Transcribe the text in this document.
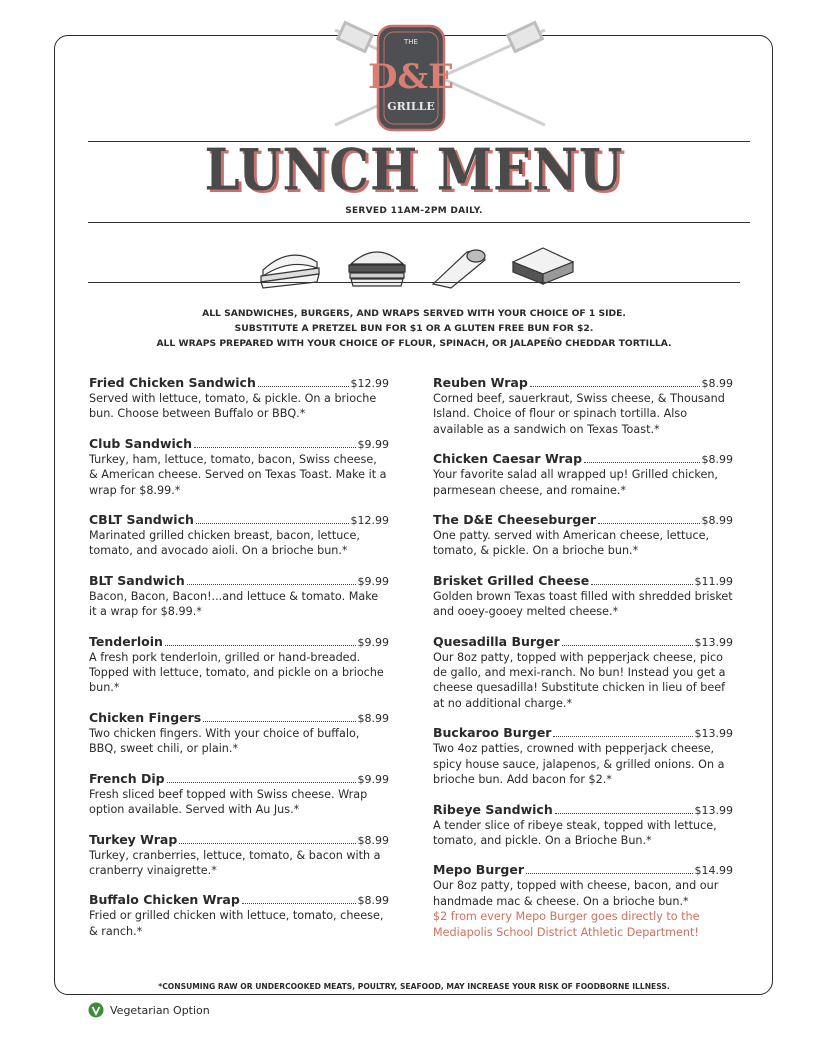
THE
D&E
GRILLE
LUNCH MENU
SERVED 11AM-2PM DAILY.
ALL SANDWICHES, BURGERS, AND WRAPS SERVED WITH YOUR CHOICE OF 1 SIDE.
SUBSTITUTE A PRETZEL BUN FOR $1 OR A GLUTEN FREE BUN FOR $2.
ALL WRAPS PREPARED WITH YOUR CHOICE OF FLOUR, SPINACH, OR JALAPEÑO CHEDDAR TORTILLA.
Fried Chicken Sandwich	$12.99
Served with lettuce, tomato, & pickle. On a brioche bun. Choose between Buffalo or BBQ.*
Club Sandwich	$9.99
Turkey, ham, lettuce, tomato, bacon, Swiss cheese, & American cheese. Served on Texas Toast. Make it a wrap for $8.99.*
CBLT Sandwich	$12.99
Marinated grilled chicken breast, bacon, lettuce, tomato, and avocado aioli. On a brioche bun.*
BLT Sandwich	$9.99
Bacon, Bacon, Bacon!...and lettuce & tomato. Make it a wrap for $8.99.*
Tenderloin	$9.99
A fresh pork tenderloin, grilled or hand-breaded. Topped with lettuce, tomato, and pickle on a brioche bun.*
Chicken Fingers	$8.99
Two chicken fingers. With your choice of buffalo, BBQ, sweet chili, or plain.*
French Dip	$9.99
Fresh sliced beef topped with Swiss cheese. Wrap option available. Served with Au Jus.*
Turkey Wrap	$8.99
Turkey, cranberries, lettuce, tomato, & bacon with a cranberry vinaigrette.*
Buffalo Chicken Wrap	$8.99
Fried or grilled chicken with lettuce, tomato, cheese, & ranch.*
Reuben Wrap	$8.99
Corned beef, sauerkraut, Swiss cheese, & Thousand Island. Choice of flour or spinach tortilla. Also available as a sandwich on Texas Toast.*
Chicken Caesar Wrap	$8.99
Your favorite salad all wrapped up! Grilled chicken, parmesean cheese, and romaine.*
The D&E Cheeseburger	$8.99
One patty. served with American cheese, lettuce, tomato, & pickle. On a brioche bun.*
Brisket Grilled Cheese	$11.99
Golden brown Texas toast filled with shredded brisket and ooey-gooey melted cheese.*
Quesadilla Burger	$13.99
Our 8oz patty, topped with pepperjack cheese, pico de gallo, and mexi-ranch. No bun! Instead you get a cheese quesadilla! Substitute chicken in lieu of beef at no additional charge.*
Buckaroo Burger	$13.99
Two 4oz patties, crowned with pepperjack cheese, spicy house sauce, jalapenos, & grilled onions. On a brioche bun. Add bacon for $2.*
Ribeye Sandwich	$13.99
A tender slice of ribeye steak, topped with lettuce, tomato, and pickle. On a Brioche Bun.*
Mepo Burger	$14.99
Our 8oz patty, topped with cheese, bacon, and our handmade mac & cheese. On a brioche bun.*
$2 from every Mepo Burger goes directly to the Mediapolis School District Athletic Department!
*CONSUMING RAW OR UNDERCOOKED MEATS, POULTRY, SEAFOOD, MAY INCREASE YOUR RISK OF FOODBORNE ILLNESS.
Vegetarian Option
